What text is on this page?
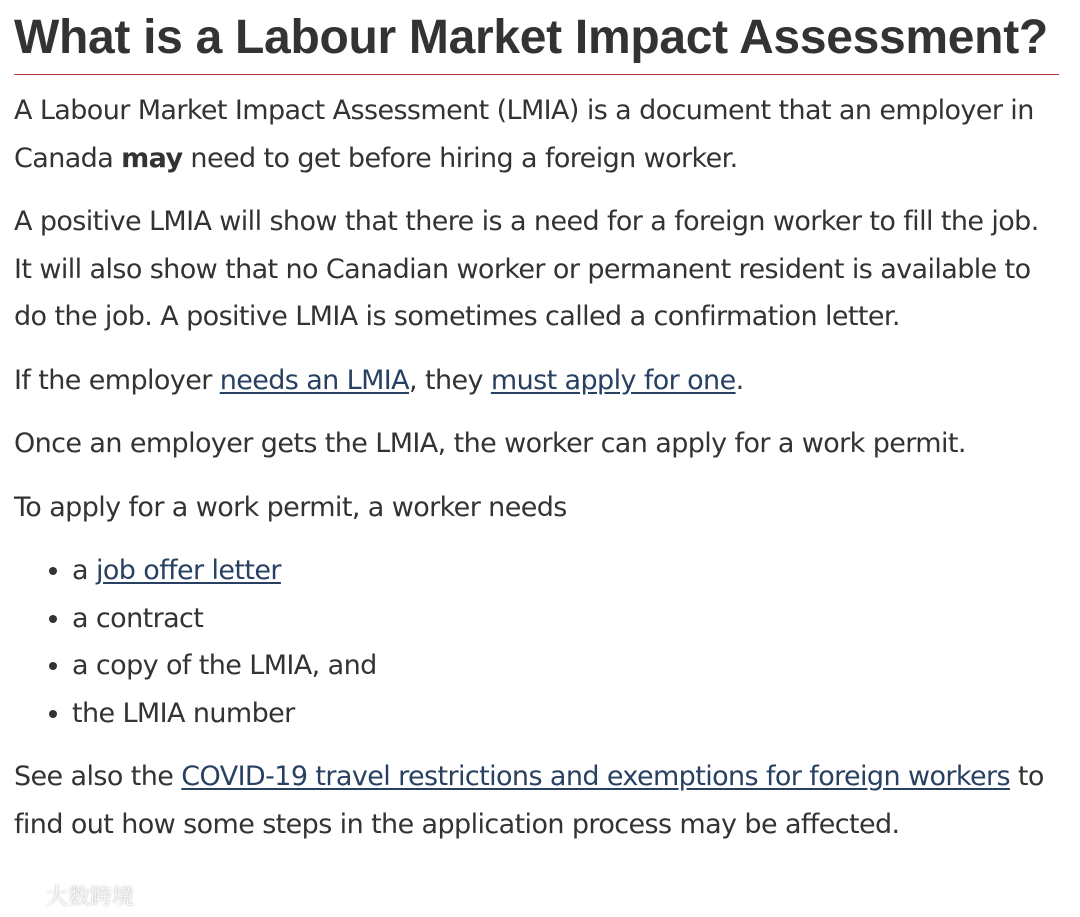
What is a Labour Market Impact Assessment?

A Labour Market Impact Assessment (LMIA) is a document that an employer in Canada may need to get before hiring a foreign worker.

A positive LMIA will show that there is a need for a foreign worker to fill the job. It will also show that no Canadian worker or permanent resident is available to do the job. A positive LMIA is sometimes called a confirmation letter.

If the employer needs an LMIA, they must apply for one.

Once an employer gets the LMIA, the worker can apply for a work permit.

To apply for a work permit, a worker needs

• a job offer letter
• a contract
• a copy of the LMIA, and
• the LMIA number

See also the COVID-19 travel restrictions and exemptions for foreign workers to find out how some steps in the application process may be affected.

大数跨境
